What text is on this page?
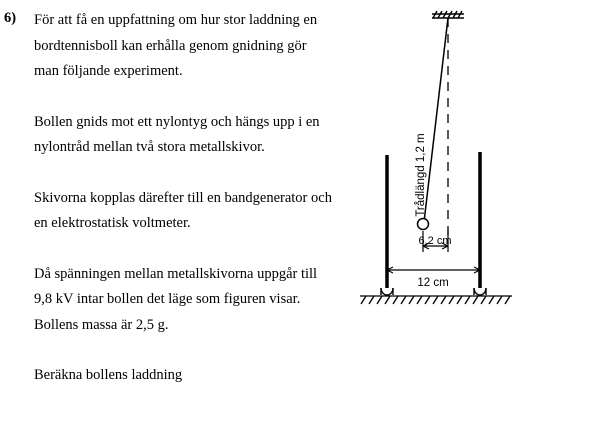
6) För att få en uppfattning om hur stor laddning en bordtennisboll kan erhålla genom gnidning gör man följande experiment.

Bollen gnids mot ett nylontyg och hängs upp i en nylontråd mellan två stora metallskivor.

Skivorna kopplas därefter till en bandgenerator och en elektrostatisk voltmeter.

Då spänningen mellan metallskivorna uppgår till 9,8 kV intar bollen det läge som figuren visar. Bollens massa är 2,5 g.

Beräkna bollens laddning

Trådlängd 1,2 m
6,2 cm
12 cm
